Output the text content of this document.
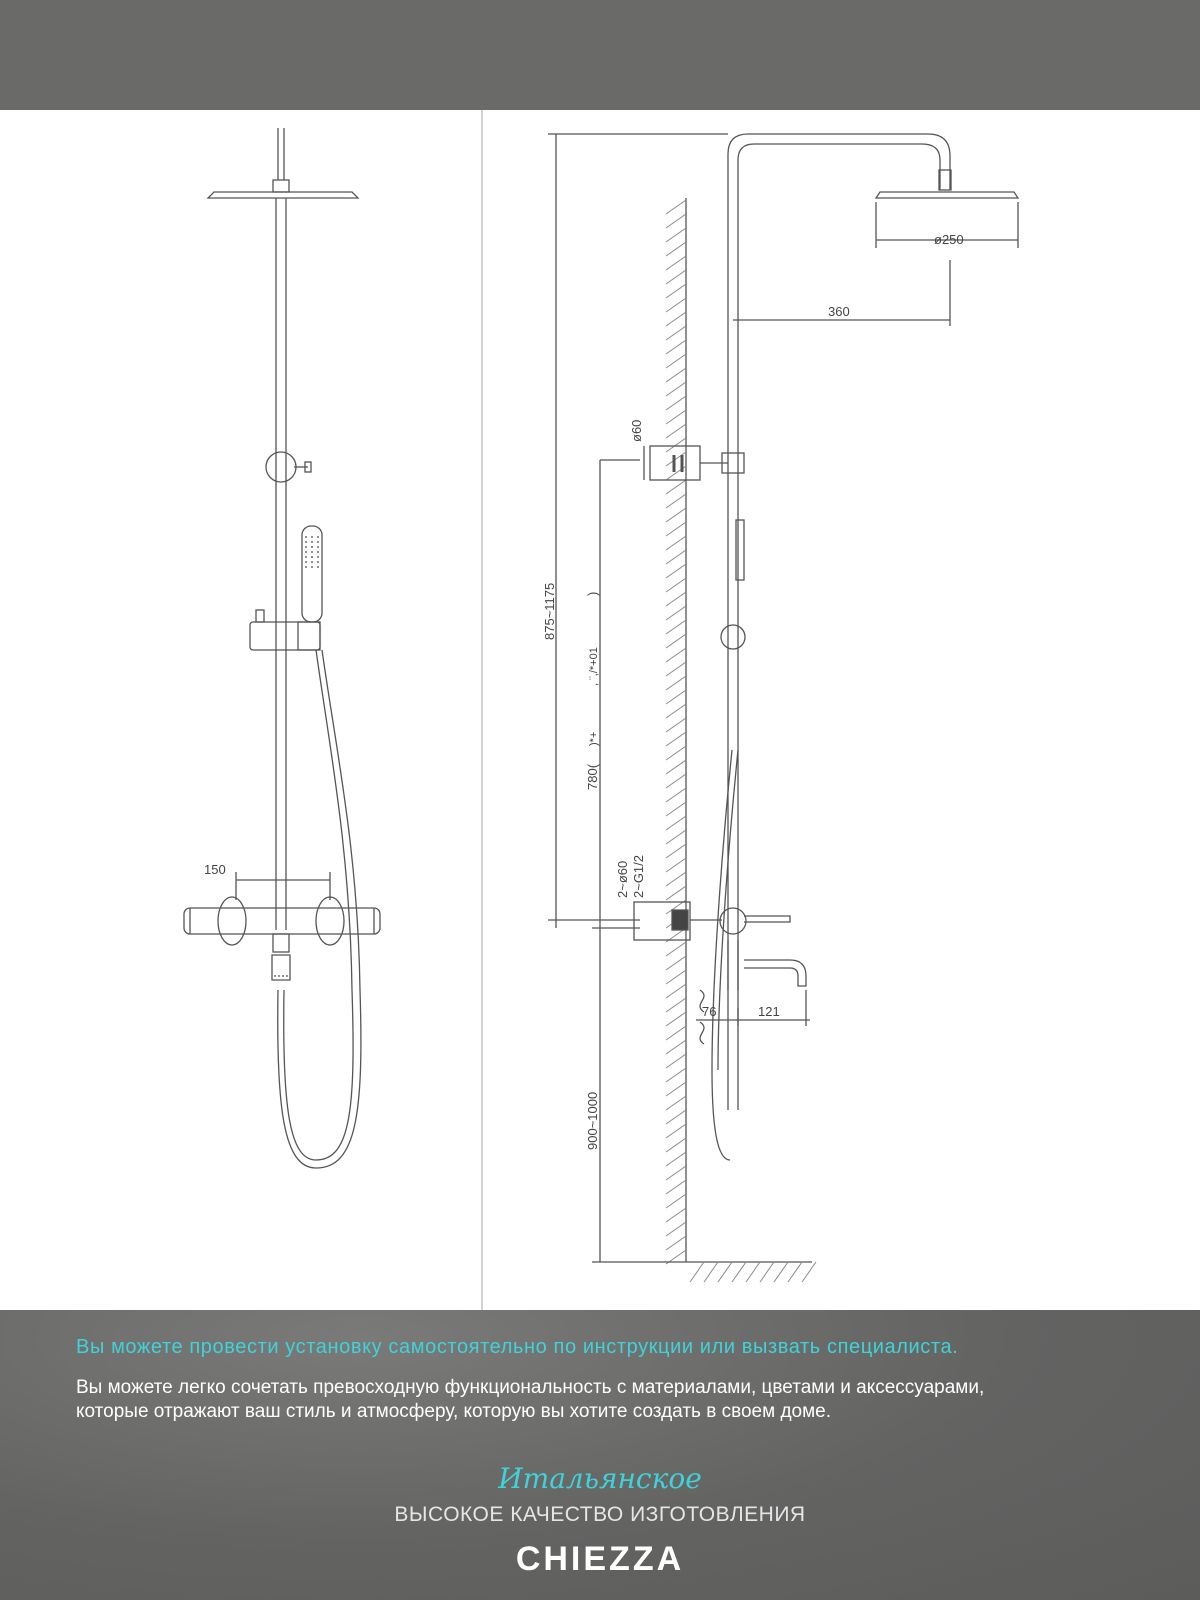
ø250
360
150
76	121
ø60
875~1175
780(
)*+
, ¨,/*+01
)
2~ø60 2~G1/2
900~1000
Вы можете провести установку самостоятельно по инструкции или вызвать специалиста.
Вы можете легко сочетать превосходную функциональность с материалами, цветами и аксессуарами,
которые отражают ваш стиль и атмосферу, которую вы хотите создать в своем доме.
Итальянское
ВЫСОКОЕ КАЧЕСТВО ИЗГОТОВЛЕНИЯ
CHIEZZA
